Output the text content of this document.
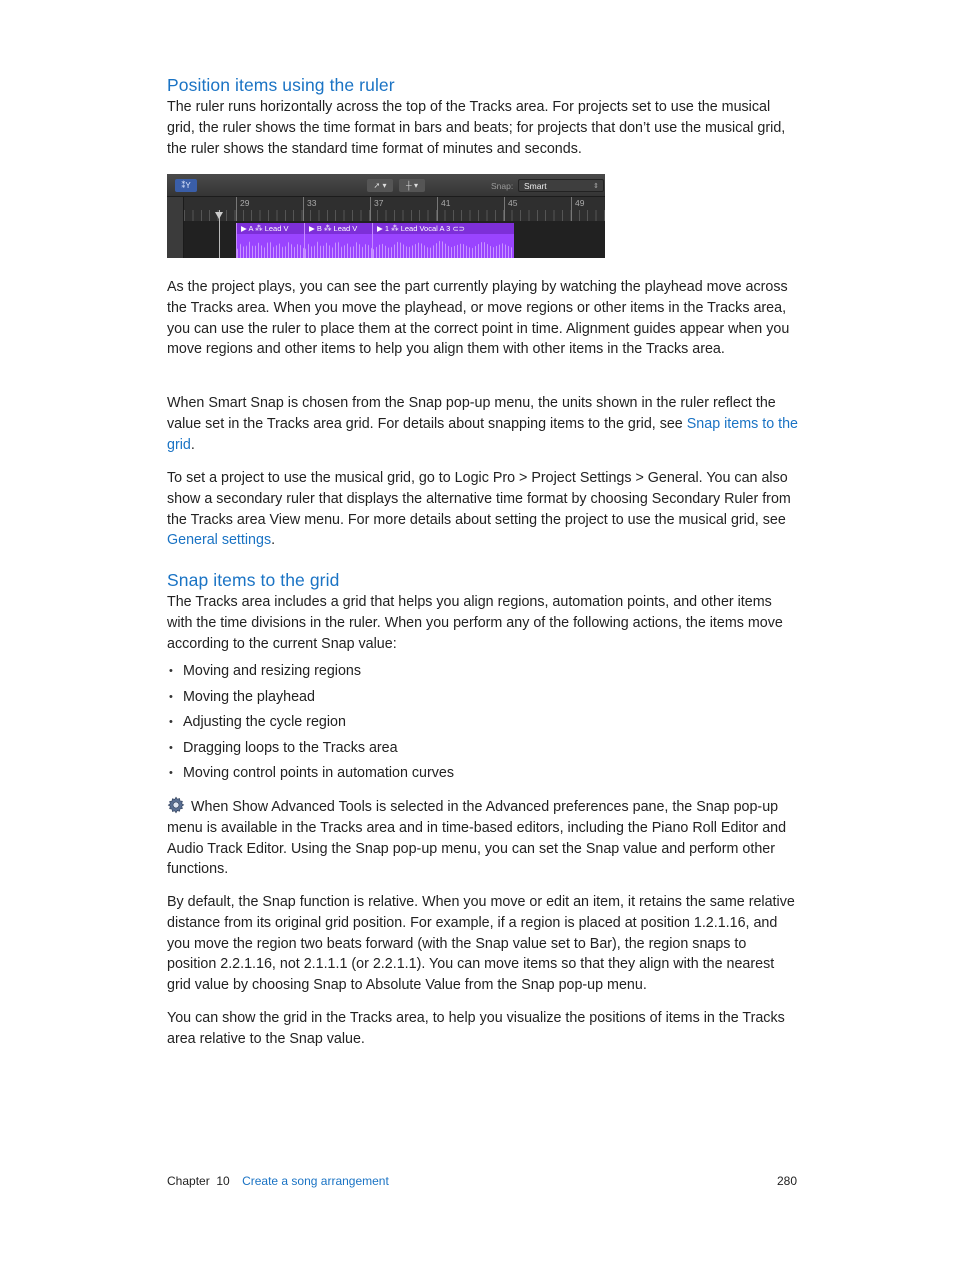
Position items using the ruler

The ruler runs horizontally across the top of the Tracks area. For projects set to use the musical grid, the ruler shows the time format in bars and beats; for projects that don’t use the musical grid, the ruler shows the standard time format of minutes and seconds.

⁑Y	➚ ▾	┼ ▾	Snap:	Smart	⇕
29	33	37	41	45	49
▶ A ⁂ Lead V	▶ B ⁂ Lead V	▶ 1 ⁂ Lead Vocal A 3 ⊂⊃

As the project plays, you can see the part currently playing by watching the playhead move across the Tracks area. When you move the playhead, or move regions or other items in the Tracks area, you can use the ruler to place them at the correct point in time. Alignment guides appear when you move regions and other items to help you align them with other items in the Tracks area.

When Smart Snap is chosen from the Snap pop-up menu, the units shown in the ruler reflect the value set in the Tracks area grid. For details about snapping items to the grid, see Snap items to the grid.

To set a project to use the musical grid, go to Logic Pro > Project Settings > General. You can also show a secondary ruler that displays the alternative time format by choosing Secondary Ruler from the Tracks area View menu. For more details about setting the project to use the musical grid, see General settings.

Snap items to the grid

The Tracks area includes a grid that helps you align regions, automation points, and other items with the time divisions in the ruler. When you perform any of the following actions, the items move according to the current Snap value:

• Moving and resizing regions
• Moving the playhead
• Adjusting the cycle region
• Dragging loops to the Tracks area
• Moving control points in automation curves

When Show Advanced Tools is selected in the Advanced preferences pane, the Snap pop-up menu is available in the Tracks area and in time-based editors, including the Piano Roll Editor and Audio Track Editor. Using the Snap pop-up menu, you can set the Snap value and perform other functions.

By default, the Snap function is relative. When you move or edit an item, it retains the same relative distance from its original grid position. For example, if a region is placed at position 1.2.1.16, and you move the region two beats forward (with the Snap value set to Bar), the region snaps to position 2.2.1.16, not 2.1.1.1 (or 2.2.1.1). You can move items so that they align with the nearest grid value by choosing Snap to Absolute Value from the Snap pop-up menu.

You can show the grid in the Tracks area, to help you visualize the positions of items in the Tracks area relative to the Snap value.

Chapter  10 Create a song arrangement	280
